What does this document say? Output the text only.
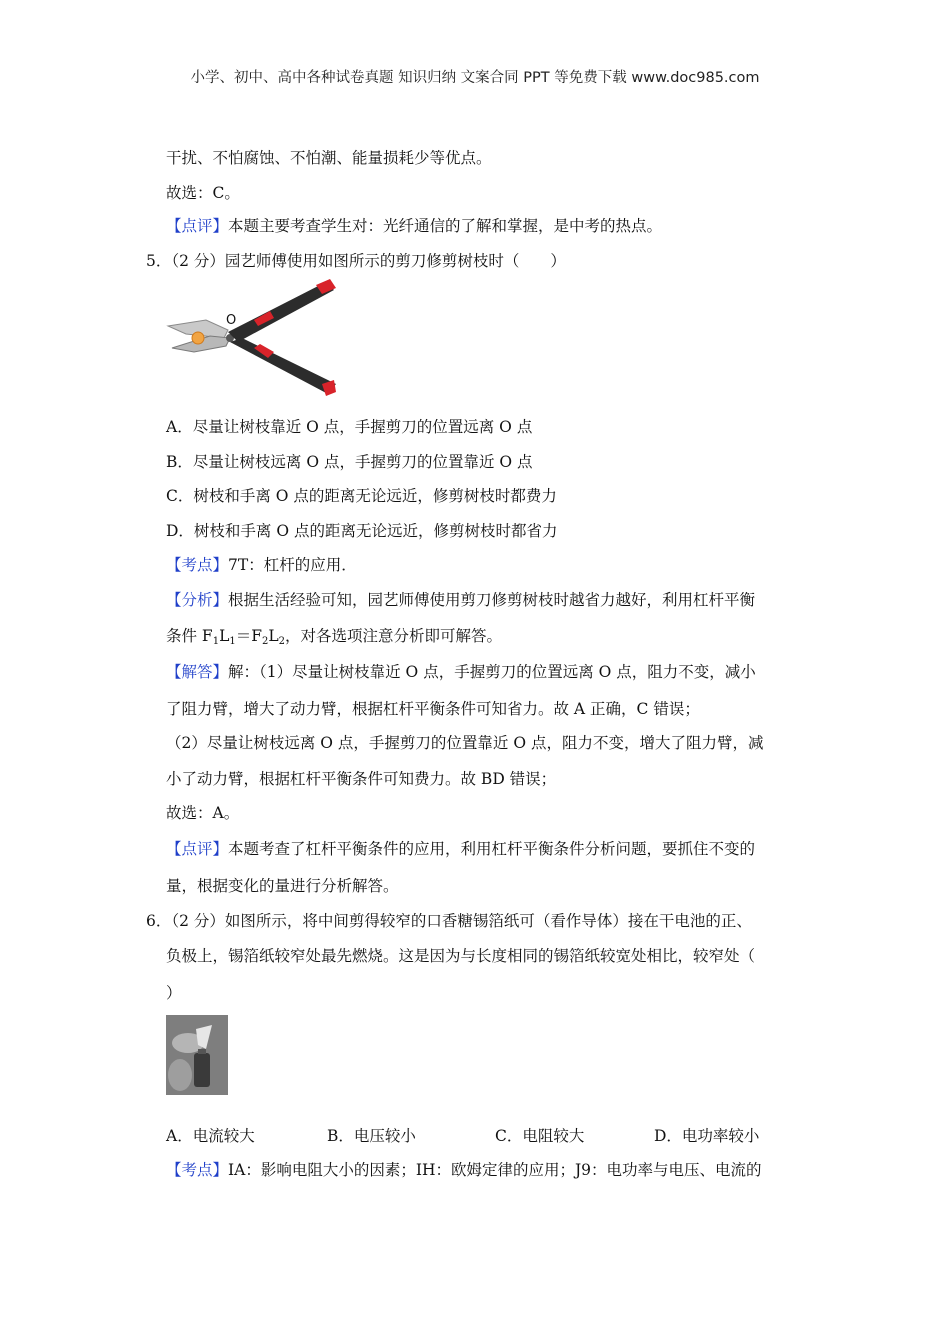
小学、初中、高中各种试卷真题 知识归纳 文案合同 PPT 等免费下载 www.doc985.com
干扰、不怕腐蚀、不怕潮、能量损耗少等优点。
故选：C。
【点评】本题主要考查学生对：光纤通信的了解和掌握，是中考的热点。
5．（2 分）园艺师傅使用如图所示的剪刀修剪树枝时（　　）
O
A．尽量让树枝靠近 O 点，手握剪刀的位置远离 O 点
B．尽量让树枝远离 O 点，手握剪刀的位置靠近 O 点
C．树枝和手离 O 点的距离无论远近，修剪树枝时都费力
D．树枝和手离 O 点的距离无论远近，修剪树枝时都省力
【考点】7T：杠杆的应用．
【分析】根据生活经验可知，园艺师傅使用剪刀修剪树枝时越省力越好，利用杠杆平衡
条件 $F_1L_1=F_2L_2$，对各选项注意分析即可解答。
【解答】解：（1）尽量让树枝靠近 O 点，手握剪刀的位置远离 O 点，阻力不变，减小
了阻力臂，增大了动力臂，根据杠杆平衡条件可知省力。故 A 正确，C 错误；
（2）尽量让树枝远离 O 点，手握剪刀的位置靠近 O 点，阻力不变，增大了阻力臂，减
小了动力臂，根据杠杆平衡条件可知费力。故 BD 错误；
故选：A。
【点评】本题考查了杠杆平衡条件的应用，利用杠杆平衡条件分析问题，要抓住不变的
量，根据变化的量进行分析解答。
6．（2 分）如图所示，将中间剪得较窄的口香糖锡箔纸可（看作导体）接在干电池的正、
负极上，锡箔纸较窄处最先燃烧。这是因为与长度相同的锡箔纸较宽处相比，较窄处（
）
A．电流较大	B．电压较小	C．电阻较大	D．电功率较小
【考点】IA：影响电阻大小的因素；IH：欧姆定律的应用；J9：电功率与电压、电流的
